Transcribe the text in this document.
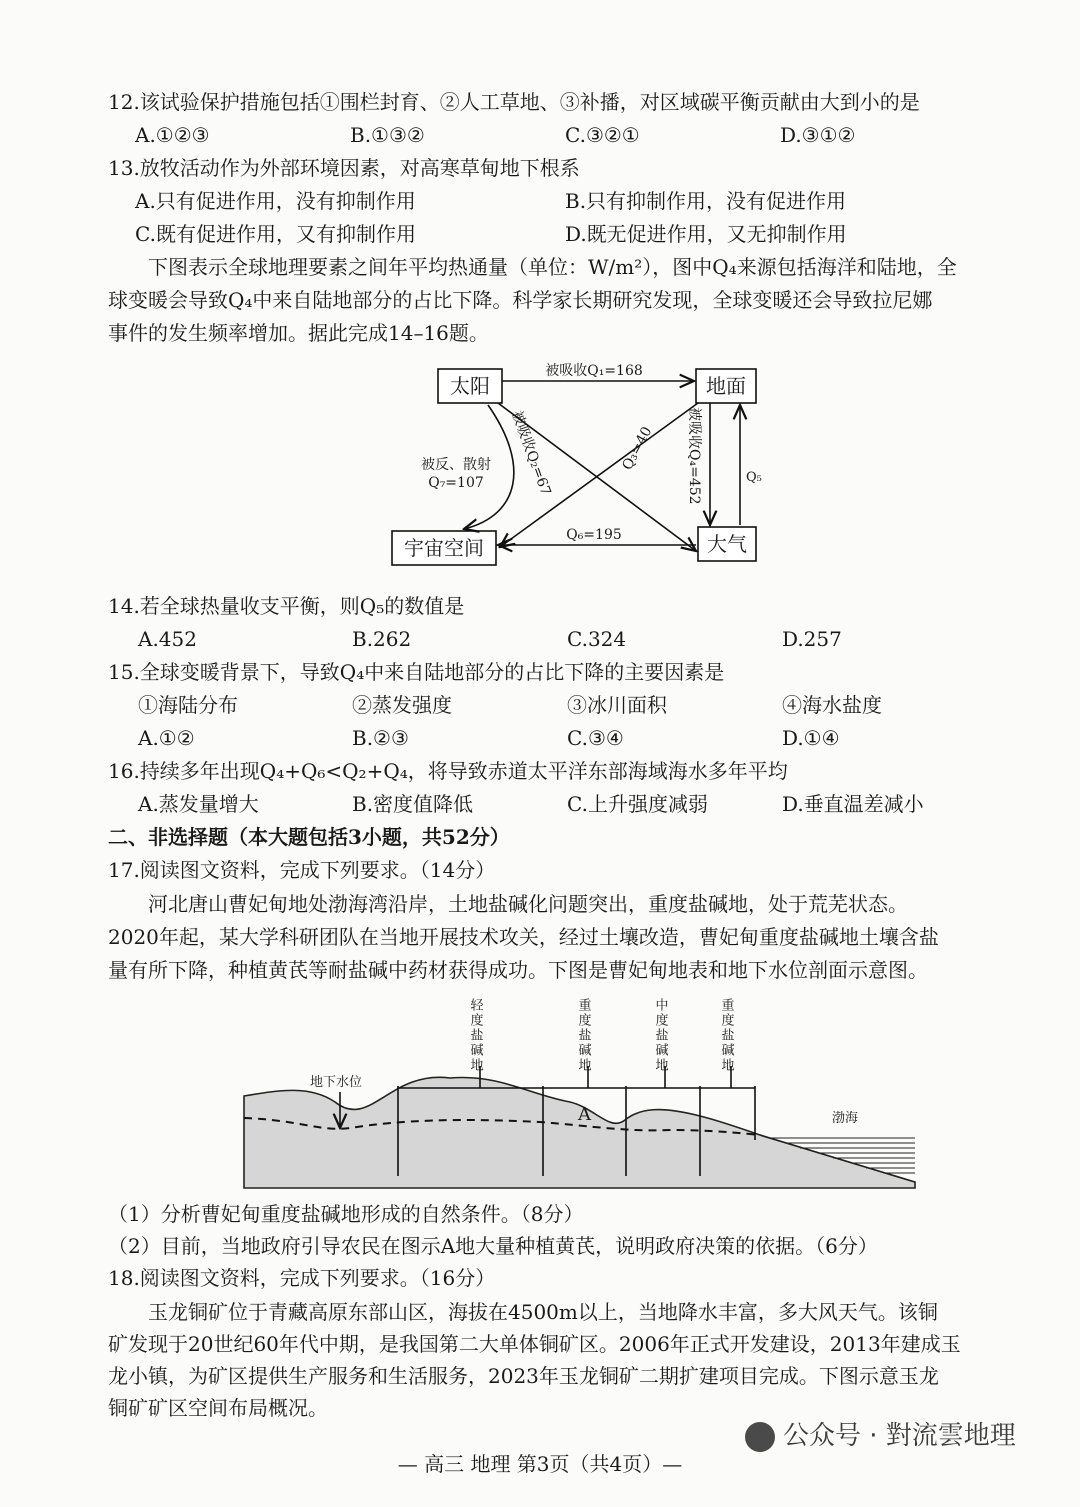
12.该试验保护措施包括①围栏封育、②人工草地、③补播，对区域碳平衡贡献由大到小的是
A.①②③	B.①③②	C.③②①	D.③①②
13.放牧活动作为外部环境因素，对高寒草甸地下根系
A.只有促进作用，没有抑制作用	B.只有抑制作用，没有促进作用
C.既有促进作用，又有抑制作用	D.既无促进作用，又无抑制作用
下图表示全球地理要素之间年平均热通量（单位：W/m²），图中Q₄来源包括海洋和陆地，全
球变暖会导致Q₄中来自陆地部分的占比下降。科学家长期研究发现，全球变暖还会导致拉尼娜
事件的发生频率增加。据此完成14–16题。
太阳	地面
宇宙空间	大气
被吸收Q₁=168
被吸收Q₂=67	Q₃=40 被吸收Q₄=452	Q₅
Q₆=195
被反、散射
Q₇=107
14.若全球热量收支平衡，则Q₅的数值是
A.452	B.262	C.324	D.257
15.全球变暖背景下，导致Q₄中来自陆地部分的占比下降的主要因素是
①海陆分布	②蒸发强度	③冰川面积	④海水盐度
A.①②	B.②③	C.③④	D.①④
16.持续多年出现Q₄+Q₆<Q₂+Q₄，将导致赤道太平洋东部海域海水多年平均
A.蒸发量增大	B.密度值降低	C.上升强度减弱	D.垂直温差减小
二、非选择题（本大题包括3小题，共52分）
17.阅读图文资料，完成下列要求。（14分）
河北唐山曹妃甸地处渤海湾沿岸，土地盐碱化问题突出，重度盐碱地，处于荒芜状态。
2020年起，某大学科研团队在当地开展技术攻关，经过土壤改造，曹妃甸重度盐碱地土壤含盐
量有所下降，种植黄芪等耐盐碱中药材获得成功。下图是曹妃甸地表和地下水位剖面示意图。
轻度盐碱地	重度盐碱地	中度盐碱地	重度盐碱地
地下水位
A	渤海
（1）分析曹妃甸重度盐碱地形成的自然条件。（8分）
（2）目前，当地政府引导农民在图示A地大量种植黄芪，说明政府决策的依据。（6分）
18.阅读图文资料，完成下列要求。（16分）
玉龙铜矿位于青藏高原东部山区，海拔在4500m以上，当地降水丰富，多大风天气。该铜
矿发现于20世纪60年代中期，是我国第二大单体铜矿区。2006年正式开发建设，2013年建成玉
龙小镇，为矿区提供生产服务和生活服务，2023年玉龙铜矿二期扩建项目完成。下图示意玉龙
铜矿矿区空间布局概况。
公众号 · 對流雲地理
— 高三 地理 第3页（共4页）—
